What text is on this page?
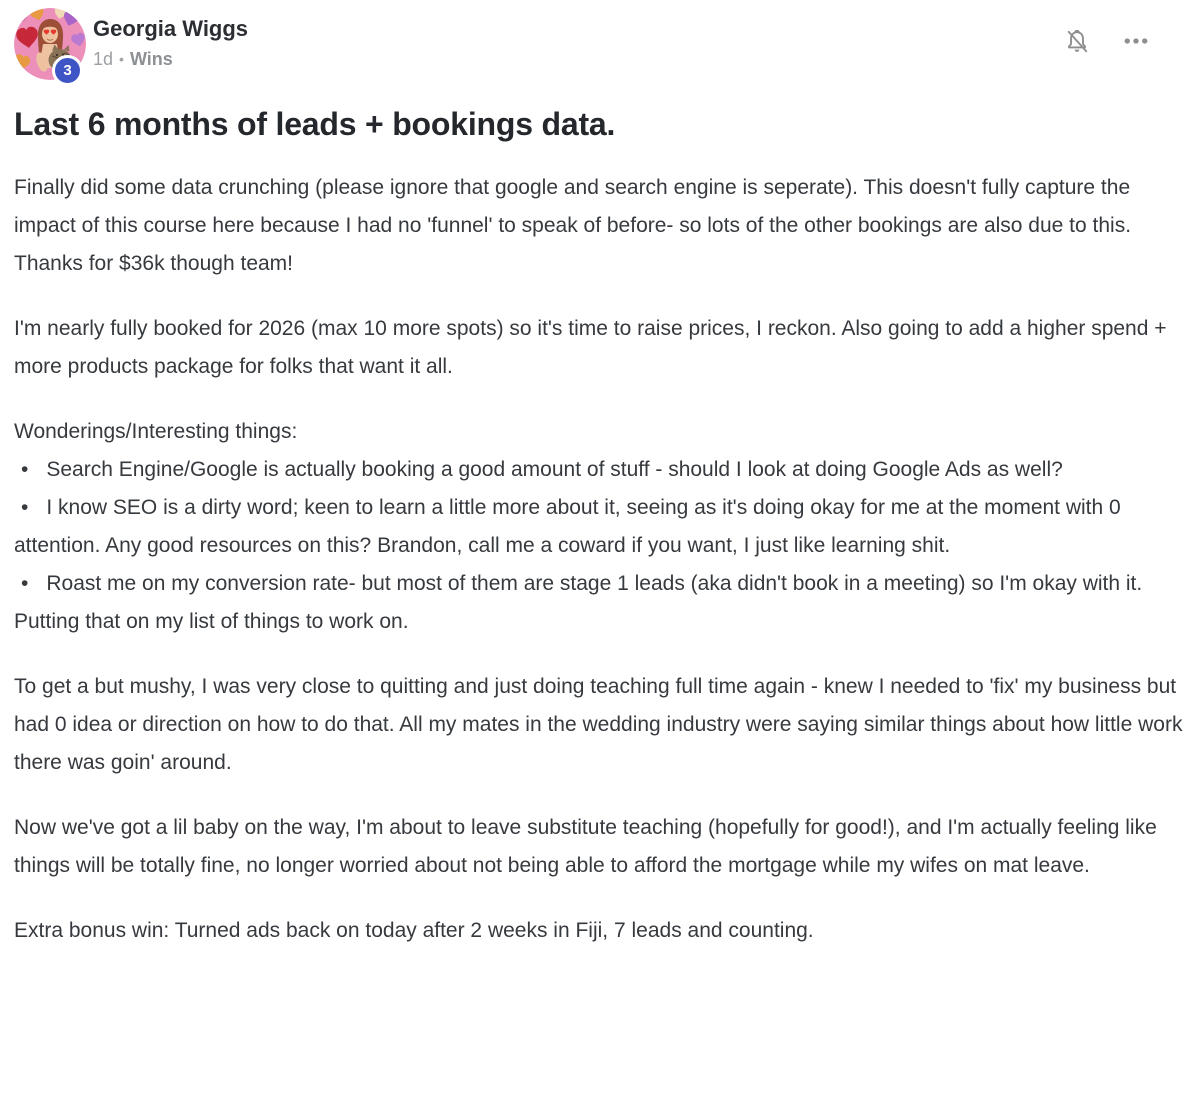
3
Georgia Wiggs
1d • Wins
Last 6 months of leads + bookings data.

Finally did some data crunching (please ignore that google and search engine is seperate). This doesn't fully capture the impact of this course here because I had no 'funnel' to speak of before- so lots of the other bookings are also due to this.
Thanks for $36k though team!

I'm nearly fully booked for 2026 (max 10 more spots) so it's time to raise prices, I reckon. Also going to add a higher spend + more products package for folks that want it all.

Wonderings/Interesting things:

• Search Engine/Google is actually booking a good amount of stuff - should I look at doing Google Ads as well?
• I know SEO is a dirty word; keen to learn a little more about it, seeing as it's doing okay for me at the moment with 0 attention. Any good resources on this? Brandon, call me a coward if you want, I just like learning shit.
• Roast me on my conversion rate- but most of them are stage 1 leads (aka didn't book in a meeting) so I'm okay with it. Putting that on my list of things to work on.

To get a but mushy, I was very close to quitting and just doing teaching full time again - knew I needed to 'fix' my business but had 0 idea or direction on how to do that. All my mates in the wedding industry were saying similar things about how little work there was goin' around.

Now we've got a lil baby on the way, I'm about to leave substitute teaching (hopefully for good!), and I'm actually feeling like things will be totally fine, no longer worried about not being able to afford the mortgage while my wifes on mat leave.

Extra bonus win: Turned ads back on today after 2 weeks in Fiji, 7 leads and counting.
